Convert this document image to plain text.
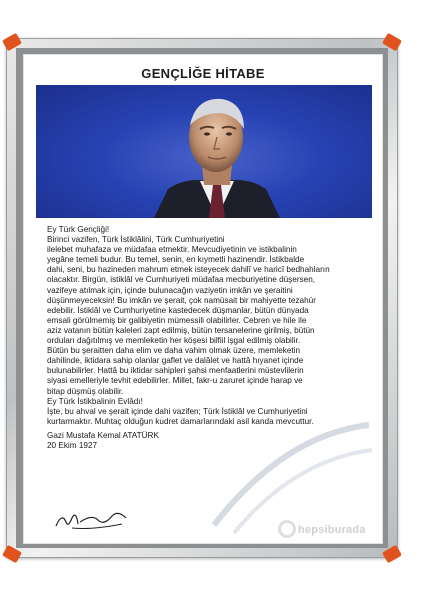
GENÇLİĞE HİTABE

Ey Türk Gençliği!

Birinci vazifen, Türk İstiklâlini, Türk Cumhuriyetini

ilelebet muhafaza ve müdafaa etmektir. Mevcudiyetinin ve istikbalinin

yegâne temeli budur. Bu temel, senin, en kıymetli hazinendir. İstikbalde

dahi, seni, bu hazineden mahrum etmek isteyecek dahilî ve haricî bedhahların

olacaktır. Birgün, istiklâl ve Cumhuriyeti müdafaa mecburiyetine düşersen,

vazifeye atılmak için, içinde bulunacağın vaziyetin imkân ve şeraitini

düşünmeyeceksin! Bu imkân ve şerait, çok namüsait bir mahiyette tezahür

edebilir. İstiklâl ve Cumhuriyetine kastedecek düşmanlar, bütün dünyada

emsali görülmemiş bir galibiyetin mümessili olabilirler. Cebren ve hile ile

aziz vatanın bütün kaleleri zapt edilmiş, bütün tersanelerine girilmiş, bütün

orduları dağıtılmış ve memleketin her köşesi bilfiil işgal edilmiş olabilir.

Bütün bu şeraitten daha elim ve daha vahim olmak üzere, memleketin

dahilinde, iktidara sahip olanlar gaflet ve dalâlet ve hattâ hıyanet içinde

bulunabilirler. Hattâ bu iktidar sahipleri şahsi menfaatlerini müstevlilerin

siyasi emelleriyle tevhit edebilirler. Millet, fakr-u zaruret içinde harap ve

bitap düşmüş olabilir.

Ey Türk İstikbalinin Evlâdı!

İşte, bu ahval ve şerait içinde dahi vazifen; Türk İstiklâl ve Cumhuriyetini

kurtarmaktır. Muhtaç olduğun kudret damarlarındaki asil kanda mevcuttur.

Gazi Mustafa Kemal ATATÜRK

20 Ekim 1927

hepsiburada
